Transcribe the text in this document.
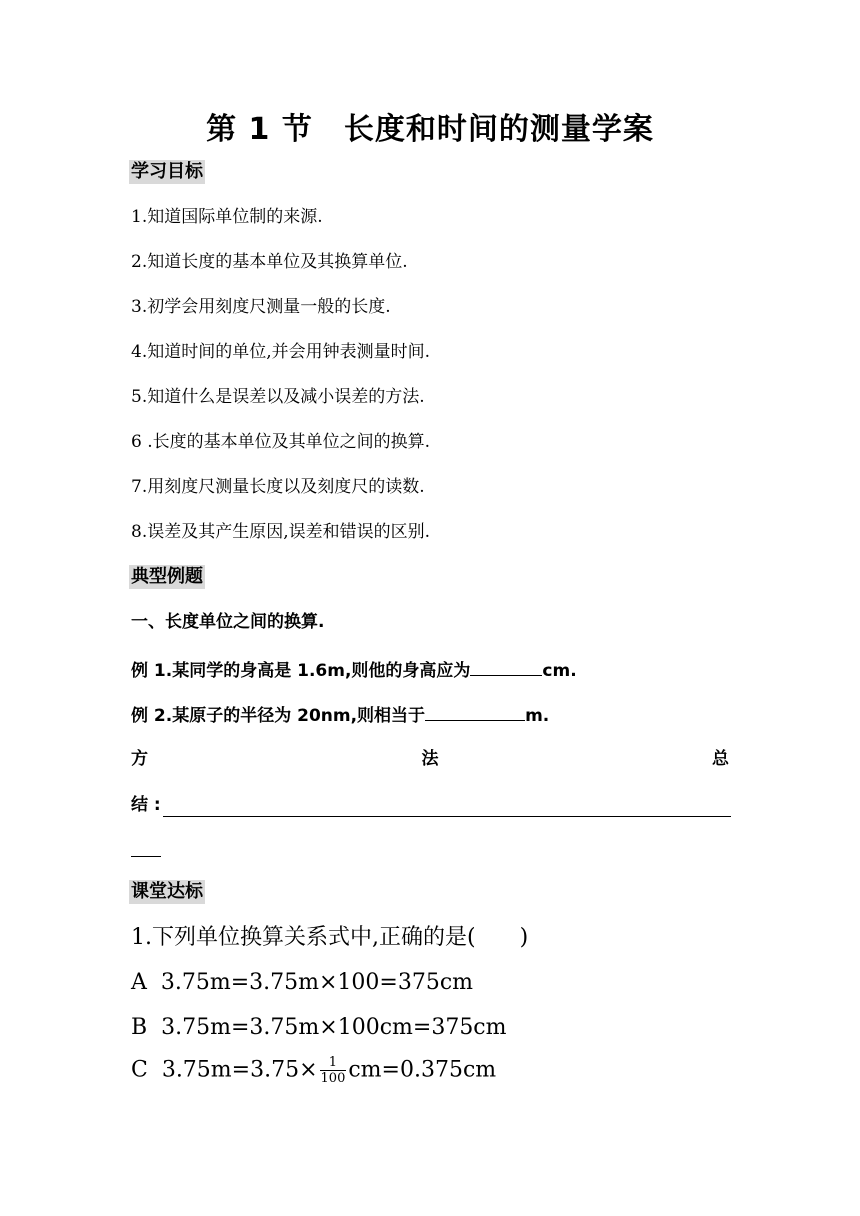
第 1 节　长度和时间的测量学案
学习目标
1.知道国际单位制的来源.
2.知道长度的基本单位及其换算单位.
3.初学会用刻度尺测量一般的长度.
4.知道时间的单位,并会用钟表测量时间.
5.知道什么是误差以及减小误差的方法.
6 .长度的基本单位及其单位之间的换算.
7.用刻度尺测量长度以及刻度尺的读数.
8.误差及其产生原因,误差和错误的区别.
典型例题
一、长度单位之间的换算.
例 1.某同学的身高是 1.6m,则他的身高应为	cm.
例 2.某原子的半径为 20nm,则相当于	m.
方	法	总
结 :
课堂达标
1.下列单位换算关系式中,正确的是(　　)
A  3.75m=3.75m×100=375cm
B  3.75m=3.75m×100cm=375cm
C  $3.75m=3.75\times \frac{1}{100} cm=0.375cm$
